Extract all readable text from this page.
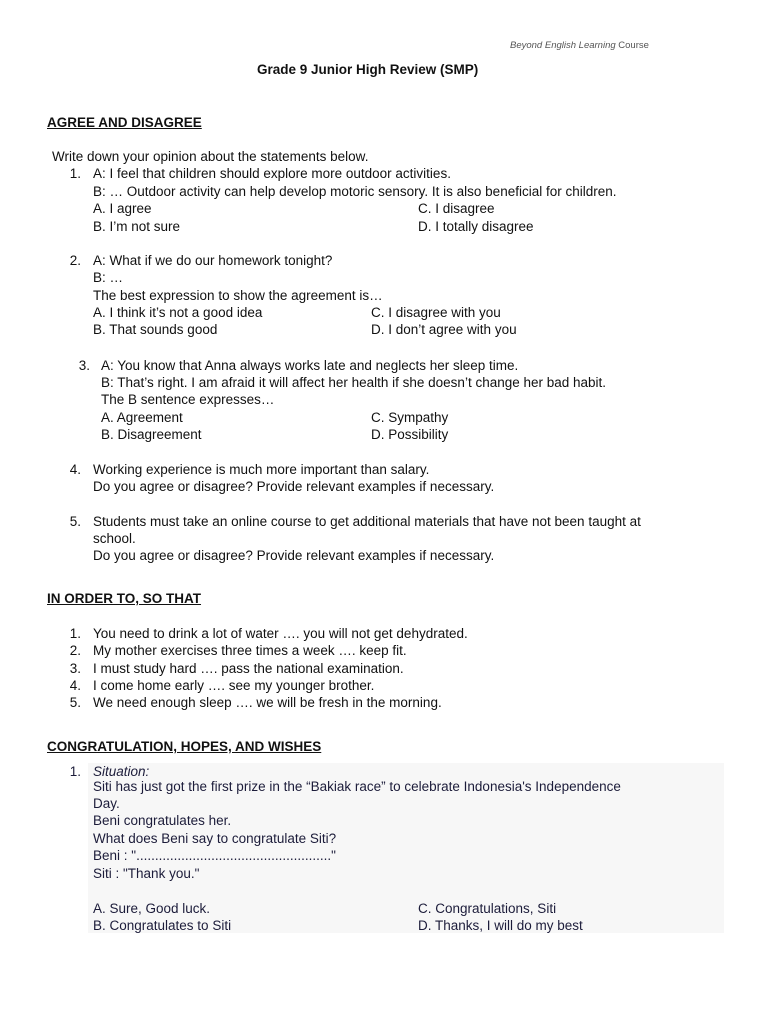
Beyond English Learning Course
Grade 9 Junior High Review (SMP)
AGREE AND DISAGREE
Write down your opinion about the statements below.
1. A: I feel that children should explore more outdoor activities.
B: … Outdoor activity can help develop motoric sensory. It is also beneficial for children.
A. I agree
B. I’m not sure
C. I disagree
D. I totally disagree
2. A: What if we do our homework tonight?
B: …
The best expression to show the agreement is…
A. I think it’s not a good idea
B. That sounds good
C. I disagree with you
D. I don’t agree with you
3. A: You know that Anna always works late and neglects her sleep time.
B: That’s right. I am afraid it will affect her health if she doesn’t change her bad habit.
The B sentence expresses…
A. Agreement
B. Disagreement
C. Sympathy
D. Possibility
4. Working experience is much more important than salary.
Do you agree or disagree? Provide relevant examples if necessary.
5. Students must take an online course to get additional materials that have not been taught at
school.
Do you agree or disagree? Provide relevant examples if necessary.
IN ORDER TO, SO THAT
1. You need to drink a lot of water …. you will not get dehydrated.
2. My mother exercises three times a week …. keep fit.
3. I must study hard …. pass the national examination.
4. I come home early …. see my younger brother.
5. We need enough sleep …. we will be fresh in the morning.
CONGRATULATION, HOPES, AND WISHES
1. Situation:
Siti has just got the first prize in the “Bakiak race” to celebrate Indonesia's Independence
Day.
Beni congratulates her.
What does Beni say to congratulate Siti?
Beni : "...................................................."
Siti : "Thank you."
A. Sure, Good luck.
B. Congratulates to Siti
C. Congratulations, Siti
D. Thanks, I will do my best
